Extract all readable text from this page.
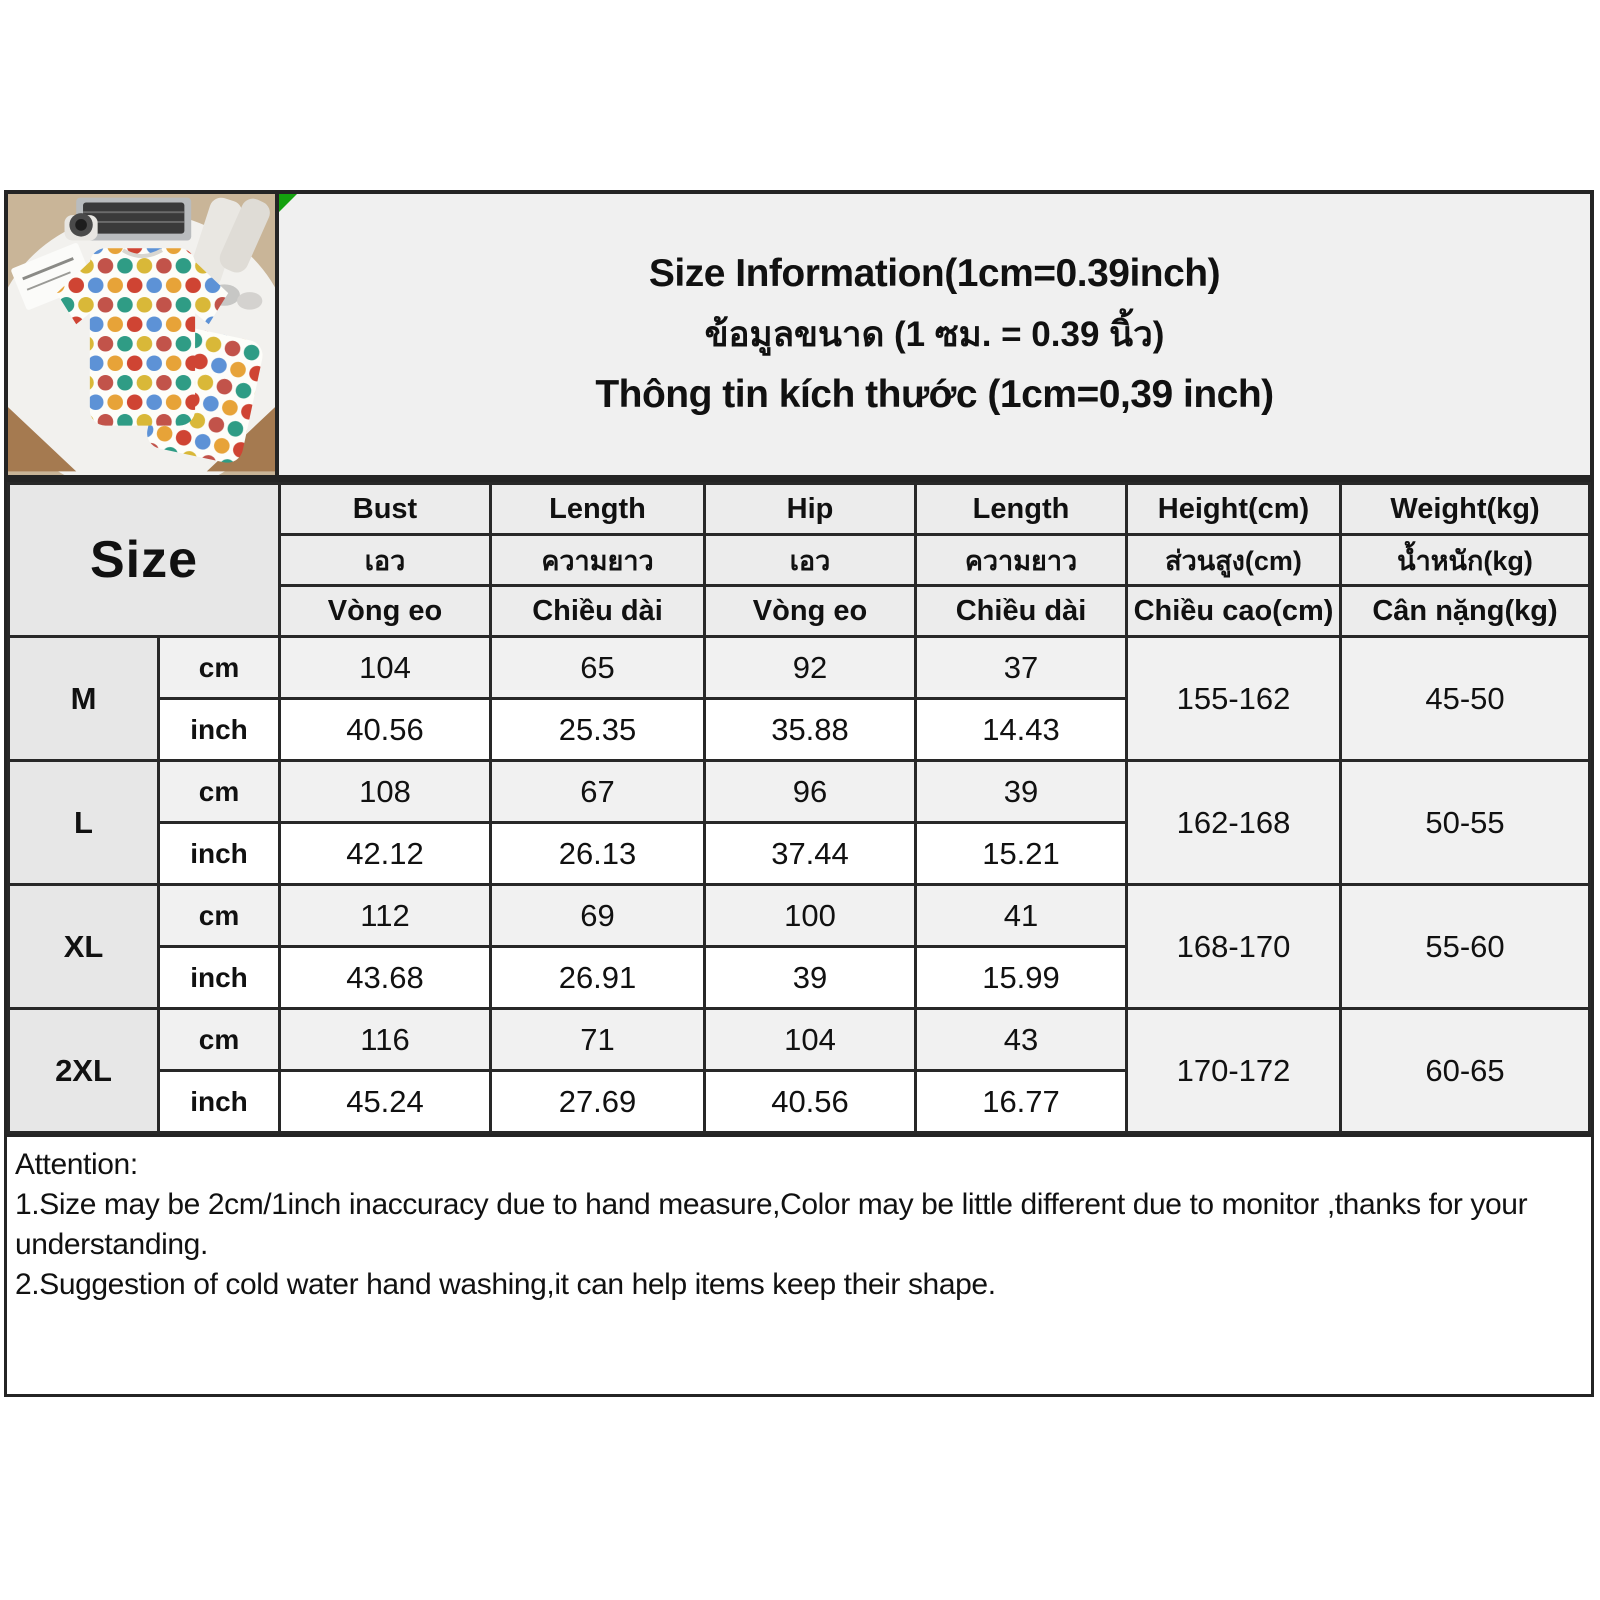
Size Information(1cm=0.39inch)
ข้อมูลขนาด (1 ซม. = 0.39 นิ้ว)
Thông tin kích thước (1cm=0,39 inch)
Size		Bust	Length	Hip	Length	Height(cm)	Weight(kg)
		เอว	ความยาว	เอว	ความยาว	ส่วนสูง(cm)	น้ำหนัก(kg)
		Vòng eo	Chiều dài	Vòng eo	Chiều dài	Chiều cao(cm)	Cân nặng(kg)
M	cm	104	65	92	37	155-162	45-50
	inch	40.56	25.35	35.88	14.43		
L	cm	108	67	96	39	162-168	50-55
	inch	42.12	26.13	37.44	15.21		
XL	cm	112	69	100	41	168-170	55-60
	inch	43.68	26.91	39	15.99		
2XL	cm	116	71	104	43	170-172	60-65
	inch	45.24	27.69	40.56	16.77		

Attention:

1.Size may be 2cm/1inch inaccuracy due to hand measure,Color may be little different due to monitor ,thanks for your understanding.

2.Suggestion of cold water hand washing,it can help items keep their shape.
